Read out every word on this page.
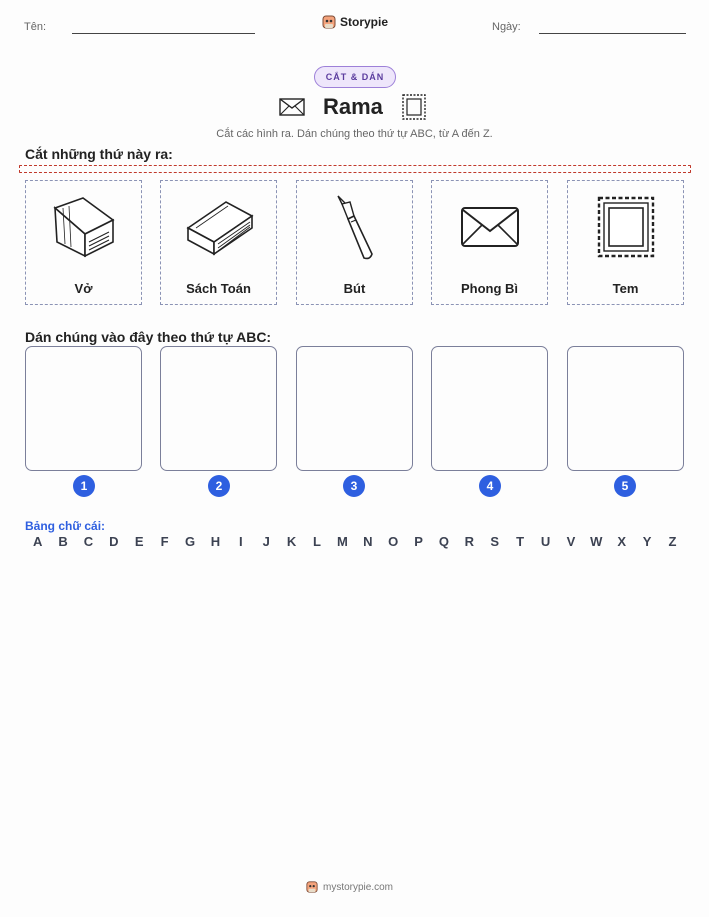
Tên:	Storypie	Ngày:
CẮT & DÁN
Rama
Cắt các hình ra. Dán chúng theo thứ tự ABC, từ A đến Z.
Cắt những thứ này ra:
Vở	Sách Toán	Bút	Phong Bì	Tem
Dán chúng vào đây theo thứ tự ABC:
1	2	3	4	5
Bảng chữ cái:
A	B	C	D	E	F	G	H	I	J	K	L	M	N	O	P	Q	R	S	T	U	V	W	X	Y	Z
mystorypie.com
